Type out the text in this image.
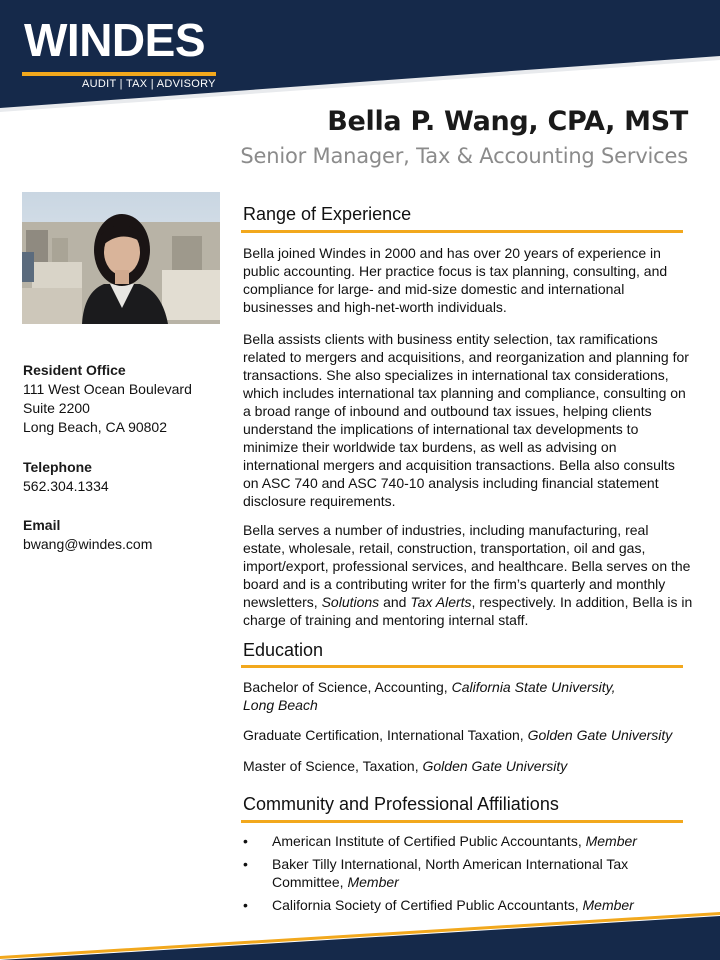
WINDES
AUDIT | TAX | ADVISORY
Bella P. Wang, CPA, MST
Senior Manager, Tax & Accounting Services
Resident Office
111 West Ocean Boulevard
Suite 2200
Long Beach, CA 90802
Telephone
562.304.1334
Email
bwang@windes.com
Range of Experience
Bella joined Windes in 2000 and has over 20 years of experience in public accounting. Her practice focus is tax planning, consulting, and compliance for large- and mid-size domestic and international businesses and high-net-worth individuals.
Bella assists clients with business entity selection, tax ramifications related to mergers and acquisitions, and reorganization and planning for transactions. She also specializes in international tax considerations, which includes international tax planning and compliance, consulting on a broad range of inbound and outbound tax issues, helping clients understand the implications of international tax developments to minimize their worldwide tax burdens, as well as advising on international mergers and acquisition transactions. Bella also consults on ASC 740 and ASC 740-10 analysis including financial statement disclosure requirements.
Bella serves a number of industries, including manufacturing, real estate, wholesale, retail, construction, transportation, oil and gas, import/export, professional services, and healthcare. Bella serves on the board and is a contributing writer for the firm’s quarterly and monthly newsletters, Solutions and Tax Alerts, respectively. In addition, Bella is in charge of training and mentoring internal staff.
Education
Bachelor of Science, Accounting, California State University,
Long Beach
Graduate Certification, International Taxation, Golden Gate University
Master of Science, Taxation, Golden Gate University
Community and Professional Affiliations
• American Institute of Certified Public Accountants, Member
• Baker Tilly International, North American International Tax Committee, Member
• California Society of Certified Public Accountants, Member
